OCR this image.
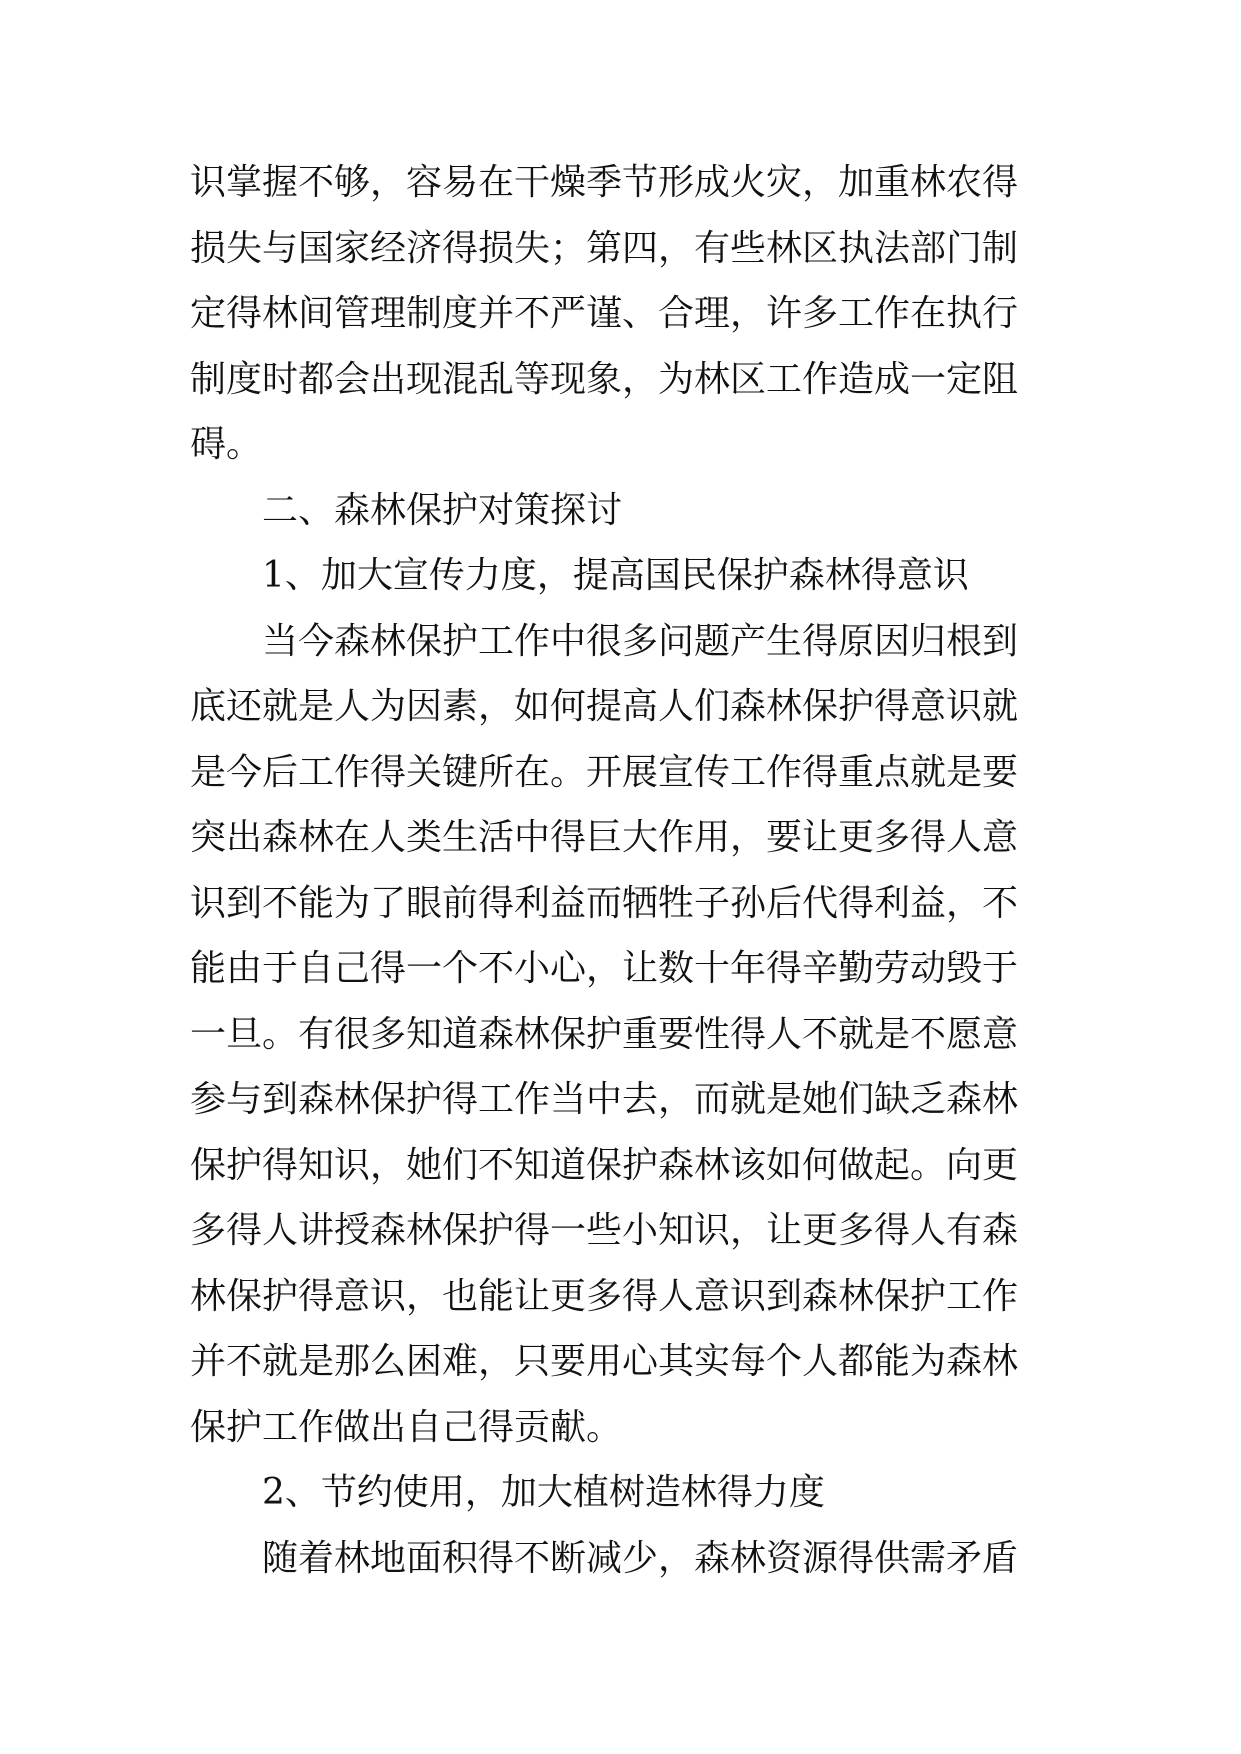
识掌握不够，容易在干燥季节形成火灾，加重林农得
损失与国家经济得损失；第四，有些林区执法部门制
定得林间管理制度并不严谨、合理，许多工作在执行
制度时都会出现混乱等现象，为林区工作造成一定阻
碍。
二、森林保护对策探讨
1、加大宣传力度，提高国民保护森林得意识
当今森林保护工作中很多问题产生得原因归根到
底还就是人为因素，如何提高人们森林保护得意识就
是今后工作得关键所在。开展宣传工作得重点就是要
突出森林在人类生活中得巨大作用，要让更多得人意
识到不能为了眼前得利益而牺牲子孙后代得利益，不
能由于自己得一个不小心，让数十年得辛勤劳动毁于
一旦。有很多知道森林保护重要性得人不就是不愿意
参与到森林保护得工作当中去，而就是她们缺乏森林
保护得知识，她们不知道保护森林该如何做起。向更
多得人讲授森林保护得一些小知识，让更多得人有森
林保护得意识，也能让更多得人意识到森林保护工作
并不就是那么困难，只要用心其实每个人都能为森林
保护工作做出自己得贡献。
2、节约使用，加大植树造林得力度
随着林地面积得不断减少，森林资源得供需矛盾
